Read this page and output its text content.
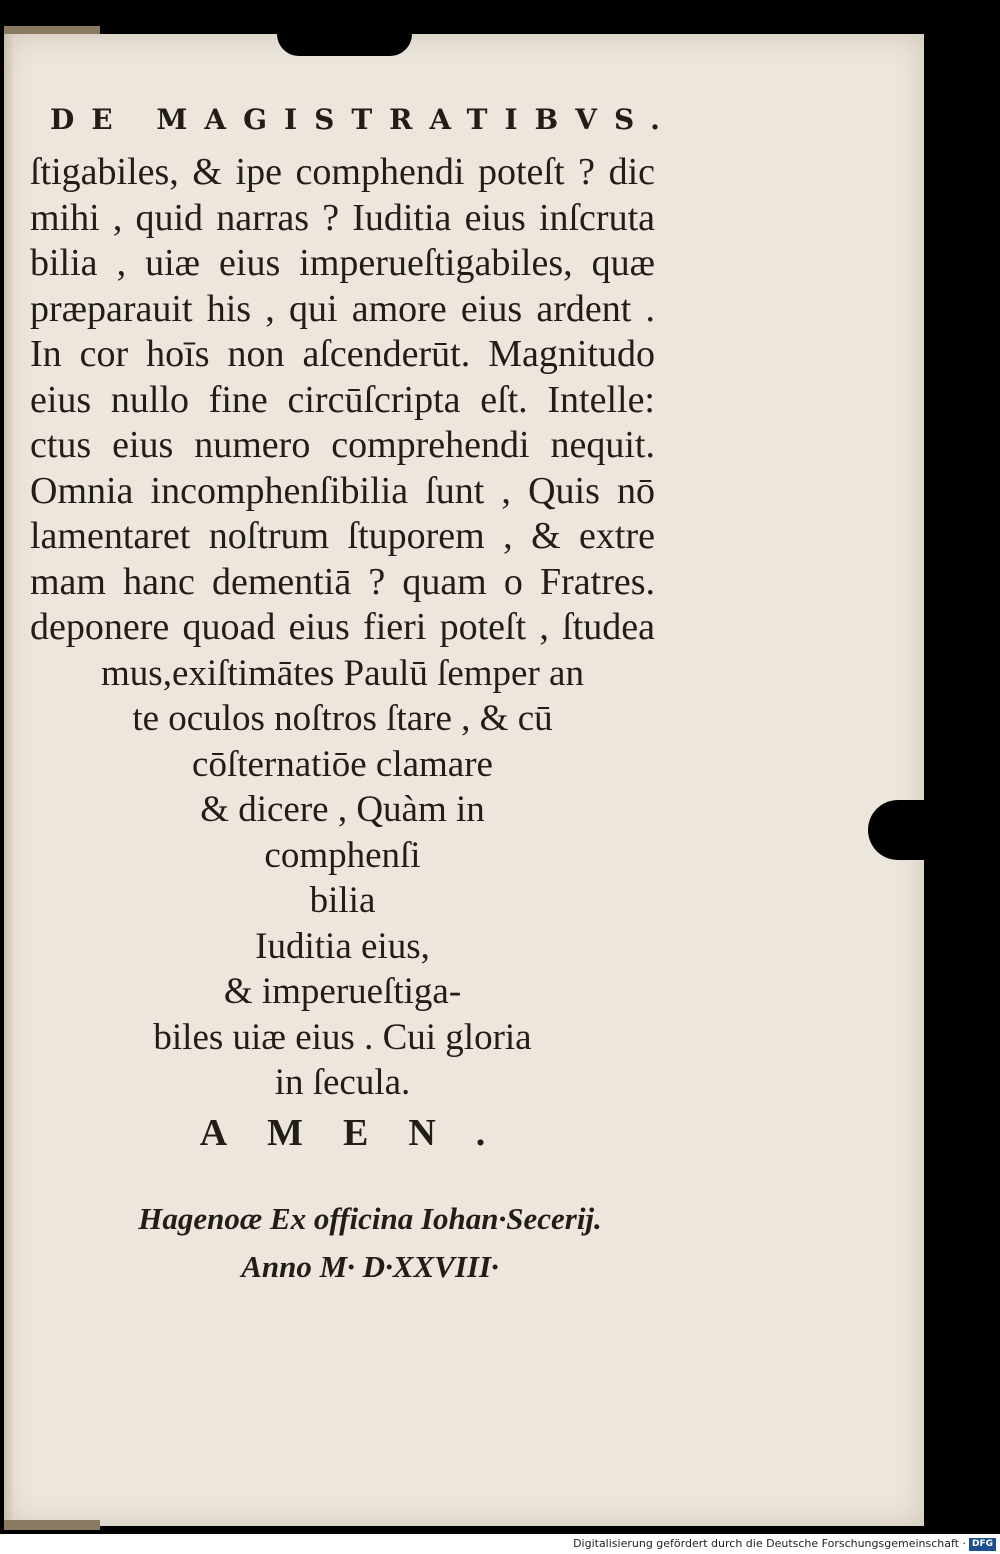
DE MAGISTRATIBVS.
ſtigabiles, & ipe comphendi poteſt ? dic
mihi , quid narras ? Iuditia eius inſcruta
bilia , uiæ eius imperueſtigabiles, quæ
præparauit his , qui amore eius ardent .
In cor hoīs non aſcenderūt. Magnitudo
eius nullo fine circūſcripta eſt. Intelle:
ctus eius numero comprehendi nequit.
Omnia incomphenſibilia ſunt , Quis nō
lamentaret noſtrum ſtuporem , & extre
mam hanc dementiā ? quam o Fratres.
deponere quoad eius fieri poteſt , ſtudea
mus,exiſtimātes Paulū ſemper an
te oculos noſtros ſtare , & cū
cōſternatiōe clamare
& dicere , Quàm in
comphenſi
bilia
Iuditia eius,
& imperueſtiga-
biles uiæ eius . Cui gloria
in ſecula.
AMEN.
Hagenoæ Ex officina Iohan·Secerij.
Anno M· D·XXVIII·
Digitalisierung gefördert durch die Deutsche Forschungsgemeinschaft · DFG
